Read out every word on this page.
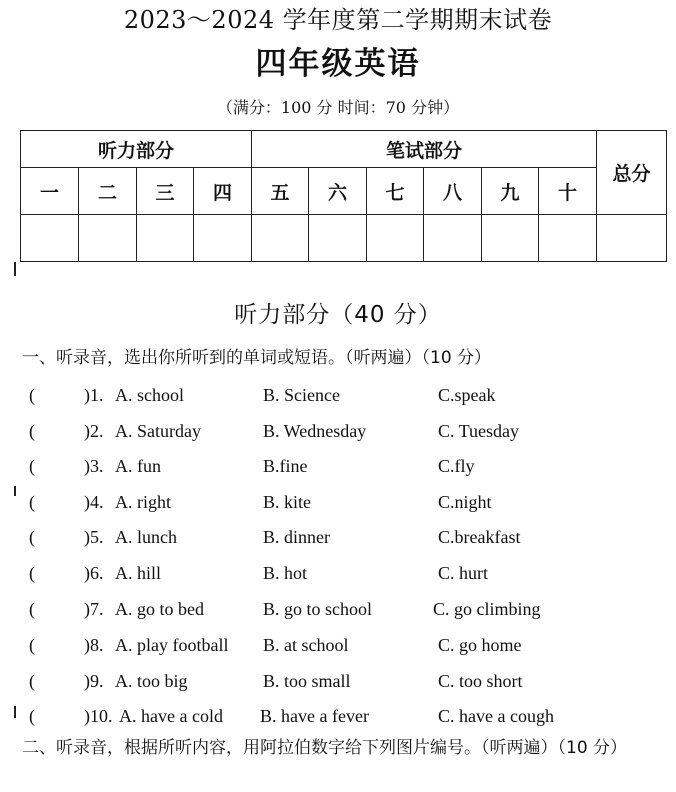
2023～2024 学年度第二学期期末试卷
四年级英语
（满分：100 分 时间：70 分钟）
听力部分				笔试部分						总分
一	二	三	四	五	六	七	八	九	十	

听力部分（40 分）
一、听录音，选出你所听到的单词或短语。（听两遍）（10 分）
(	)1. A. school	B. Science	C.speak
(	)2. A. Saturday	B. Wednesday	C. Tuesday
(	)3. A. fun	B.fine	C.fly
(	)4. A. right	B. kite	C.night
(	)5. A. lunch	B. dinner	C.breakfast
(	)6. A. hill	B. hot	C. hurt
(	)7. A. go to bed	B. go to school	C. go climbing
(	)8. A. play football B. at school	C. go home
(	)9. A. too big	B. too small	C. too short
(	)10. A. have a cold B. have a fever	C. have a cough
二、听录音，根据所听内容，用阿拉伯数字给下列图片编号。（听两遍）（10 分）
